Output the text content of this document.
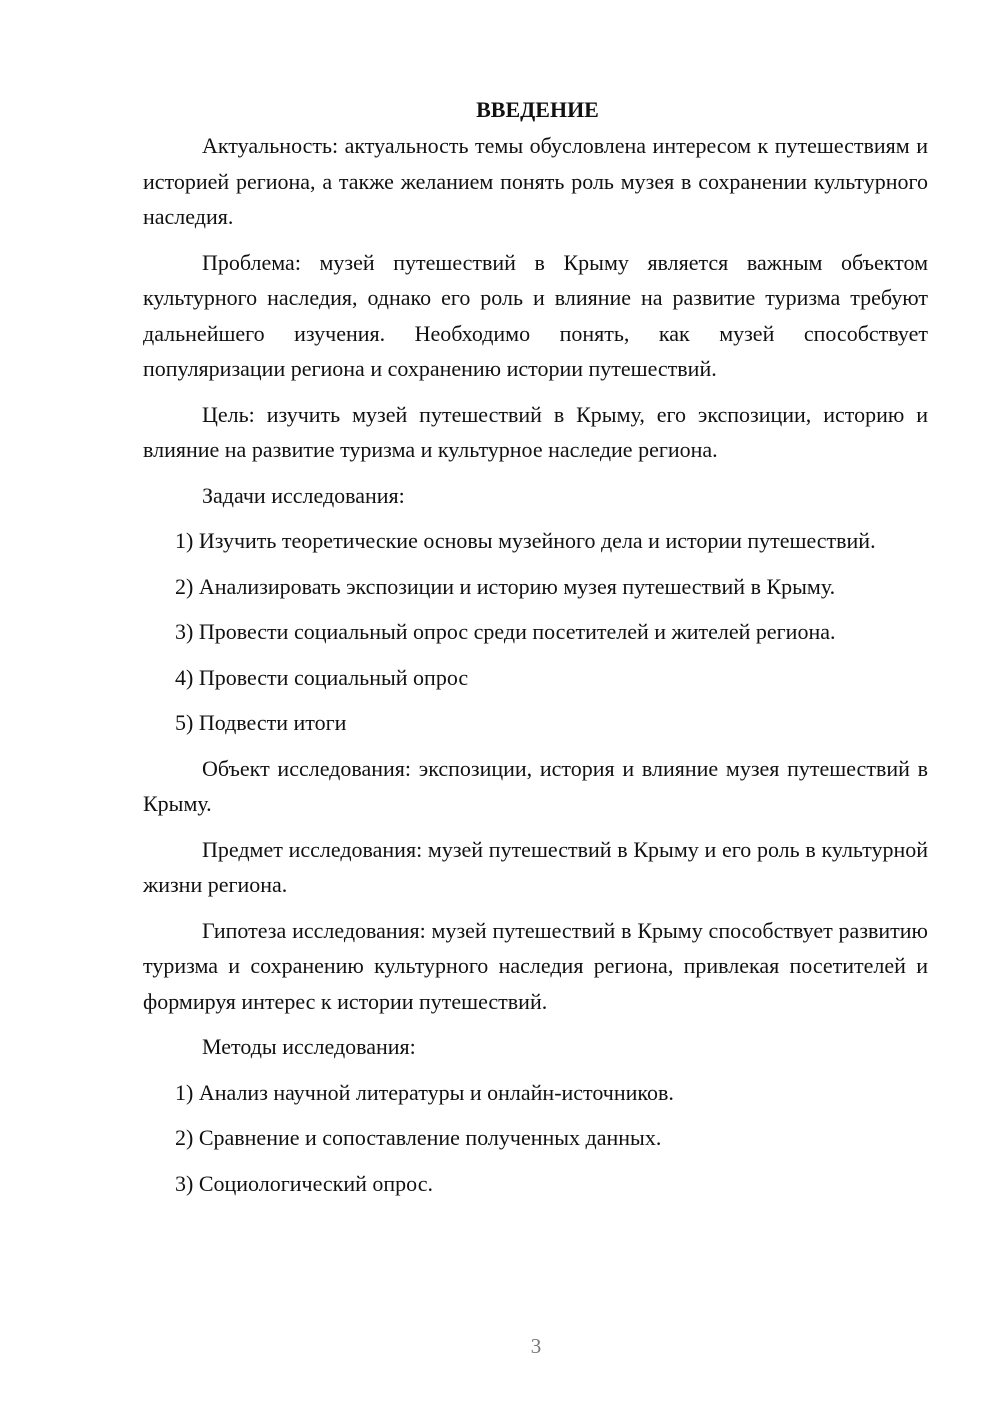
ВВЕДЕНИЕ

Актуальность: актуальность темы обусловлена интересом к путешествиям и историей региона, а также желанием понять роль музея в сохранении культурного наследия.

Проблема: музей путешествий в Крыму является важным объектом культурного наследия, однако его роль и влияние на развитие туризма требуют дальнейшего изучения. Необходимо понять, как музей способствует популяризации региона и сохранению истории путешествий.

Цель: изучить музей путешествий в Крыму, его экспозиции, историю и влияние на развитие туризма и культурное наследие региона.

Задачи исследования:

1) Изучить теоретические основы музейного дела и истории путешествий.

2) Анализировать экспозиции и историю музея путешествий в Крыму.

3) Провести социальный опрос среди посетителей и жителей региона.

4) Провести социальный опрос

5) Подвести итоги

Объект исследования: экспозиции, история и влияние музея путешествий в Крыму.

Предмет исследования: музей путешествий в Крыму и его роль в культурной жизни региона.

Гипотеза исследования: музей путешествий в Крыму способствует развитию туризма и сохранению культурного наследия региона, привлекая посетителей и формируя интерес к истории путешествий.

Методы исследования:

1) Анализ научной литературы и онлайн-источников.

2) Сравнение и сопоставление полученных данных.

3) Социологический опрос.

3
